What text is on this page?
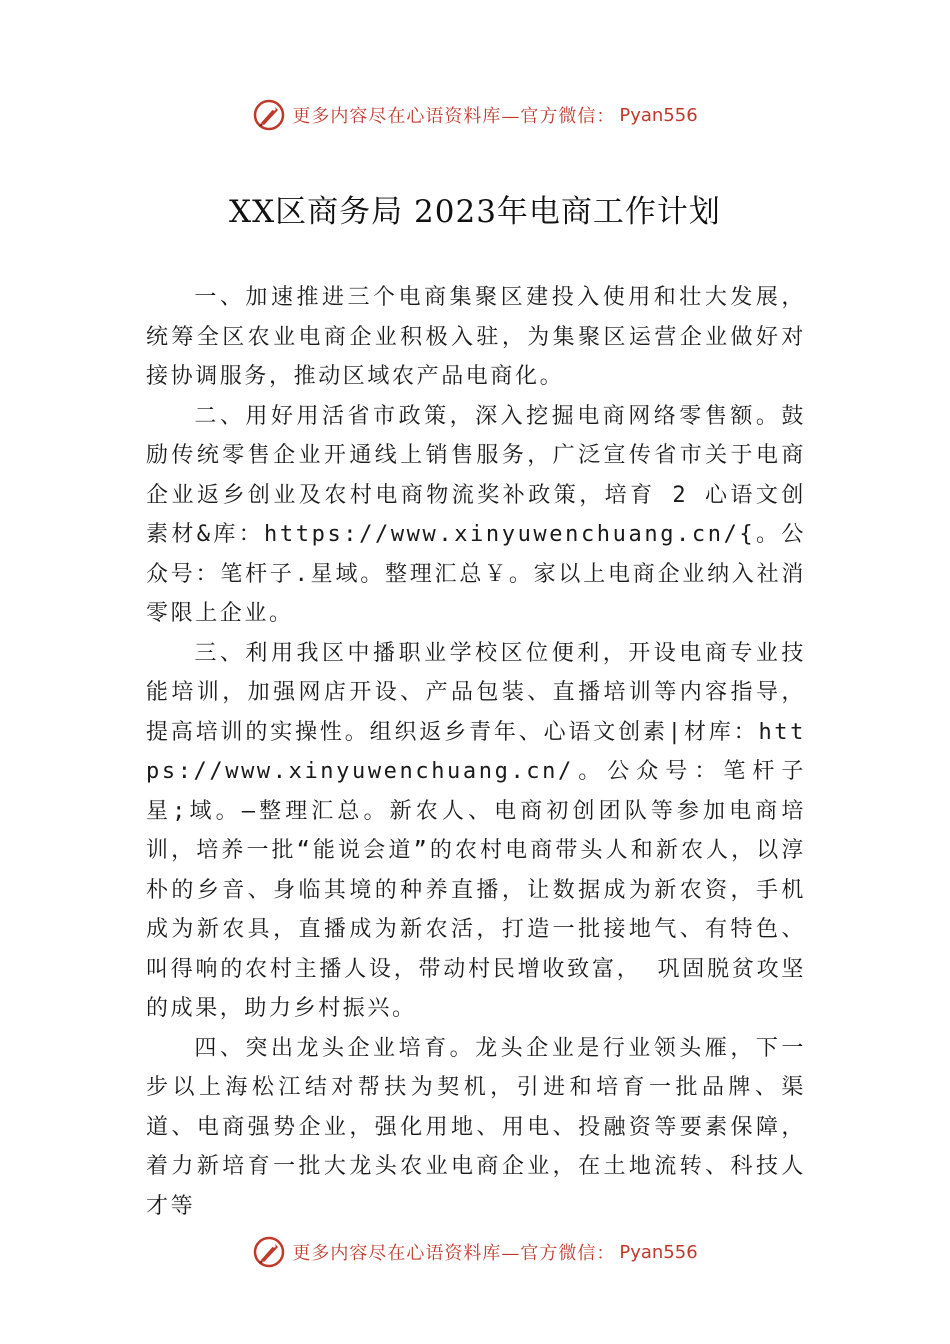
更多内容尽在心语资料库—官方微信： Pyan556
XX区商务局 2023年电商工作计划

一、加速推进三个电商集聚区建投入使用和壮大发展，统筹全区农业电商企业积极入驻，为集聚区运营企业做好对接协调服务，推动区域农产品电商化。

二、用好用活省市政策，深入挖掘电商网络零售额。鼓励传统零售企业开通线上销售服务，广泛宣传省市关于电商企业返乡创业及农村电商物流奖补政策，培育 2 心语文创素材&库：https://www.xinyuwenchuang.cn/{。公众号：笔杆子.星域。整理汇总￥。家以上电商企业纳入社消零限上企业。

三、利用我区中播职业学校区位便利，开设电商专业技能培训，加强网店开设、产品包装、直播培训等内容指导，提高培训的实操性。组织返乡青年、心语文创素|材库：https://www.xinyuwenchuang.cn/。公众号：笔杆子星;域。—整理汇总。新农人、电商初创团队等参加电商培训，培养一批“能说会道”的农村电商带头人和新农人，以淳朴的乡音、身临其境的种养直播，让数据成为新农资，手机成为新农具，直播成为新农活，打造一批接地气、有特色、叫得响的农村主播人设，带动村民增收致富， 巩固脱贫攻坚的成果，助力乡村振兴。

四、突出龙头企业培育。龙头企业是行业领头雁，下一步以上海松江结对帮扶为契机，引进和培育一批品牌、渠道、电商强势企业，强化用地、用电、投融资等要素保障，着力新培育一批大龙头农业电商企业，在土地流转、科技人才等

更多内容尽在心语资料库—官方微信： Pyan556
